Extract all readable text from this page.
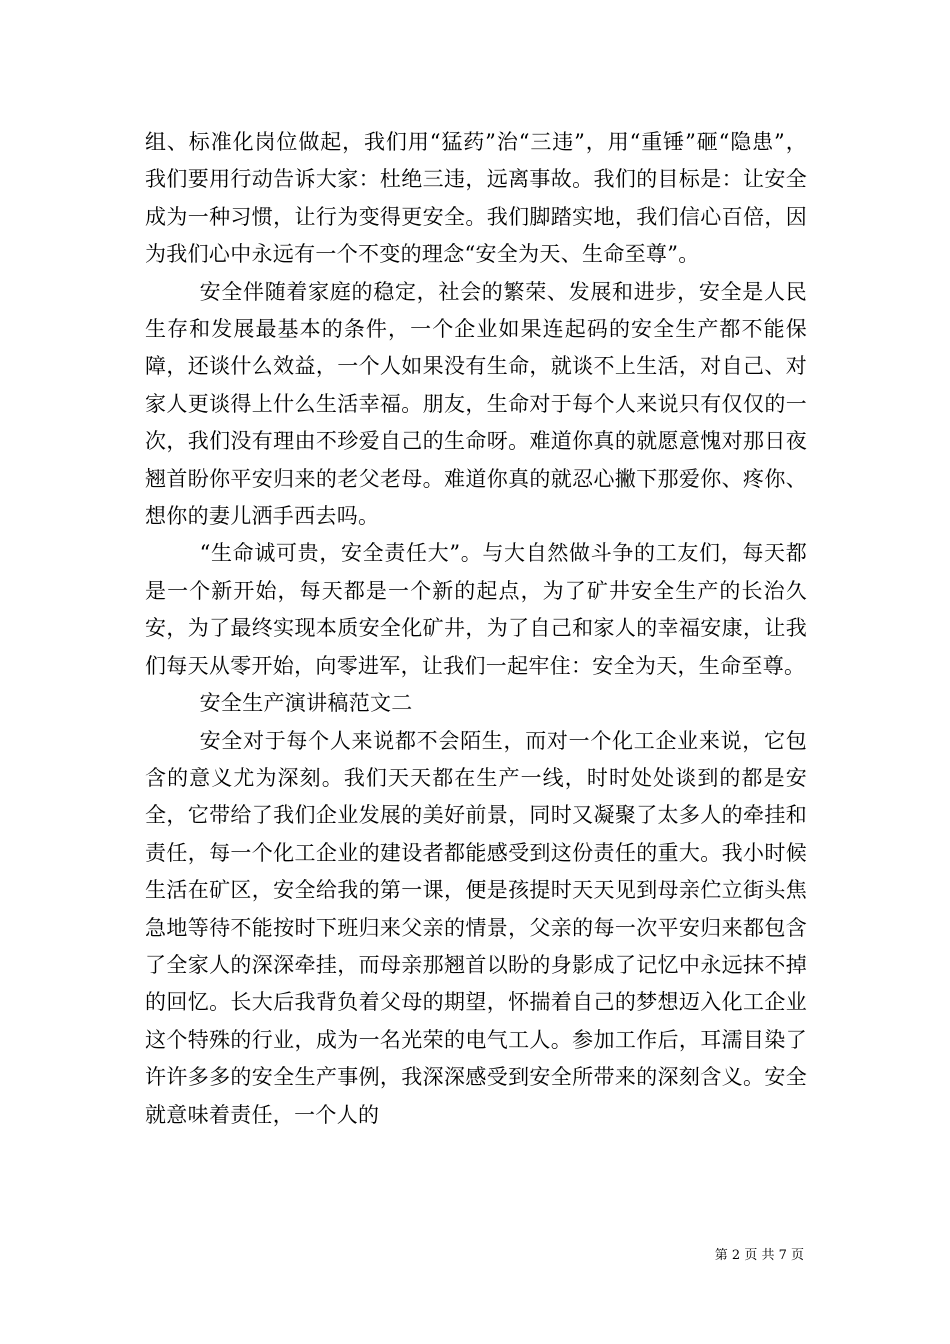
组、标准化岗位做起，我们用“猛药”治“三违”，用“重锤”砸“隐患”，我们要用行动告诉大家：杜绝三违，远离事故。我们的目标是：让安全成为一种习惯，让行为变得更安全。我们脚踏实地，我们信心百倍，因为我们心中永远有一个不变的理念“安全为天、生命至尊”。

安全伴随着家庭的稳定，社会的繁荣、发展和进步，安全是人民生存和发展最基本的条件，一个企业如果连起码的安全生产都不能保障，还谈什么效益，一个人如果没有生命，就谈不上生活，对自己、对家人更谈得上什么生活幸福。朋友，生命对于每个人来说只有仅仅的一次，我们没有理由不珍爱自己的生命呀。难道你真的就愿意愧对那日夜翘首盼你平安归来的老父老母。难道你真的就忍心撇下那爱你、疼你、想你的妻儿洒手西去吗。

“生命诚可贵，安全责任大”。与大自然做斗争的工友们，每天都是一个新开始，每天都是一个新的起点，为了矿井安全生产的长治久安，为了最终实现本质安全化矿井，为了自己和家人的幸福安康，让我们每天从零开始，向零进军，让我们一起牢住：安全为天，生命至尊。

安全生产演讲稿范文二

安全对于每个人来说都不会陌生，而对一个化工企业来说，它包含的意义尤为深刻。我们天天都在生产一线，时时处处谈到的都是安全，它带给了我们企业发展的美好前景，同时又凝聚了太多人的牵挂和责任，每一个化工企业的建设者都能感受到这份责任的重大。我小时候生活在矿区，安全给我的第一课，便是孩提时天天见到母亲伫立街头焦急地等待不能按时下班归来父亲的情景，父亲的每一次平安归来都包含了全家人的深深牵挂，而母亲那翘首以盼的身影成了记忆中永远抹不掉的回忆。长大后我背负着父母的期望，怀揣着自己的梦想迈入化工企业这个特殊的行业，成为一名光荣的电气工人。参加工作后，耳濡目染了许许多多的安全生产事例，我深深感受到安全所带来的深刻含义。安全就意味着责任，一个人的

第 2 页 共 7 页
